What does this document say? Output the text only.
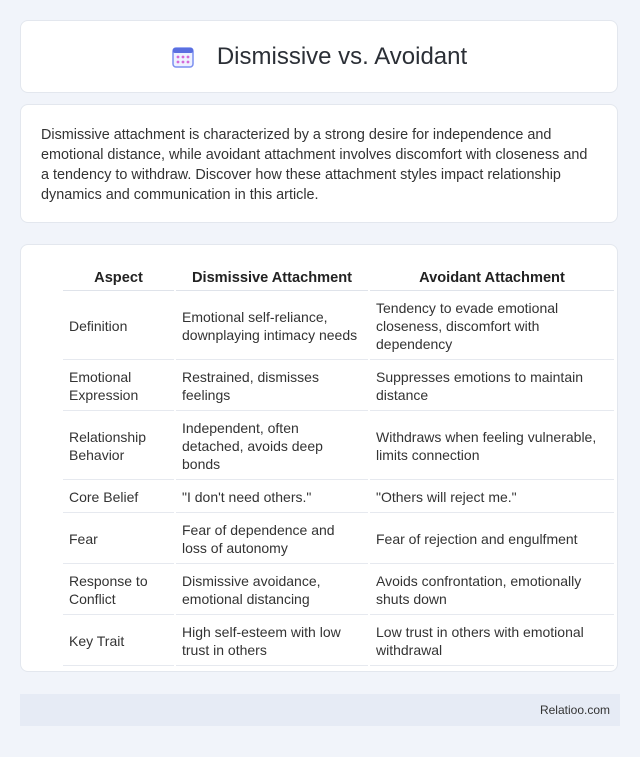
Dismissive vs. Avoidant

Dismissive attachment is characterized by a strong desire for independence and emotional distance, while avoidant attachment involves discomfort with closeness and a tendency to withdraw. Discover how these attachment styles impact relationship dynamics and communication in this article.

Aspect	Dismissive Attachment	Avoidant Attachment
Definition	Emotional self-reliance, downplaying intimacy needs	Tendency to evade emotional closeness, discomfort with dependency
Emotional Expression	Restrained, dismisses feelings	Suppresses emotions to maintain distance
Relationship Behavior	Independent, often detached, avoids deep bonds	Withdraws when feeling vulnerable, limits connection
Core Belief	"I don't need others."	"Others will reject me."
Fear	Fear of dependence and loss of autonomy	Fear of rejection and engulfment
Response to Conflict	Dismissive avoidance, emotional distancing	Avoids confrontation, emotionally shuts down
Key Trait	High self-esteem with low trust in others	Low trust in others with emotional withdrawal
Relatioo.com
